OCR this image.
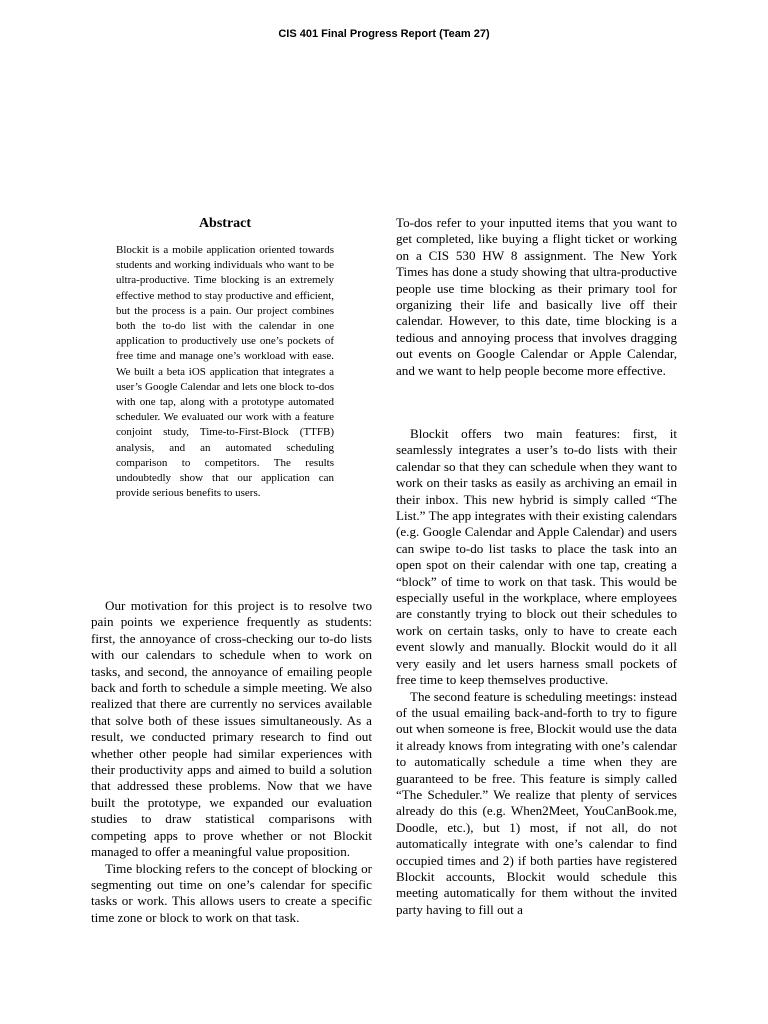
CIS 401 Final Progress Report (Team 27)
Abstract

Blockit is a mobile application oriented towards students and working individuals who want to be ultra-productive. Time blocking is an extremely effective method to stay productive and efficient, but the process is a pain. Our project combines both the to-do list with the calendar in one application to productively use one’s pockets of free time and manage one’s workload with ease. We built a beta iOS application that integrates a user’s Google Calendar and lets one block to-dos with one tap, along with a prototype automated scheduler. We evaluated our work with a feature conjoint study, Time-to-First-Block (TTFB) analysis, and an automated scheduling comparison to competitors. The results undoubtedly show that our application can provide serious benefits to users.

Our motivation for this project is to resolve two pain points we experience frequently as students: first, the annoyance of cross-checking our to-do lists with our calendars to schedule when to work on tasks, and second, the annoyance of emailing people back and forth to schedule a simple meeting. We also realized that there are currently no services available that solve both of these issues simultaneously. As a result, we conducted primary research to find out whether other people had similar experiences with their productivity apps and aimed to build a solution that addressed these problems. Now that we have built the prototype, we expanded our evaluation studies to draw statistical comparisons with competing apps to prove whether or not Blockit managed to offer a meaningful value proposition.

Time blocking refers to the concept of blocking or segmenting out time on one’s calendar for specific tasks or work. This allows users to create a specific time zone or block to work on that task.

To-dos refer to your inputted items that you want to get completed, like buying a flight ticket or working on a CIS 530 HW 8 assignment. The New York Times has done a study showing that ultra-productive people use time blocking as their primary tool for organizing their life and basically live off their calendar. However, to this date, time blocking is a tedious and annoying process that involves dragging out events on Google Calendar or Apple Calendar, and we want to help people become more effective.

Blockit offers two main features: first, it seamlessly integrates a user’s to-do lists with their calendar so that they can schedule when they want to work on their tasks as easily as archiving an email in their inbox. This new hybrid is simply called “The List.” The app integrates with their existing calendars (e.g. Google Calendar and Apple Calendar) and users can swipe to-do list tasks to place the task into an open spot on their calendar with one tap, creating a “block” of time to work on that task. This would be especially useful in the workplace, where employees are constantly trying to block out their schedules to work on certain tasks, only to have to create each event slowly and manually. Blockit would do it all very easily and let users harness small pockets of free time to keep themselves productive.

The second feature is scheduling meetings: instead of the usual emailing back-and-forth to try to figure out when someone is free, Blockit would use the data it already knows from integrating with one’s calendar to automatically schedule a time when they are guaranteed to be free. This feature is simply called “The Scheduler.” We realize that plenty of services already do this (e.g. When2Meet, YouCanBook.me, Doodle, etc.), but 1) most, if not all, do not automatically integrate with one’s calendar to find occupied times and 2) if both parties have registered Blockit accounts, Blockit would schedule this meeting automatically for them without the invited party having to fill out a
